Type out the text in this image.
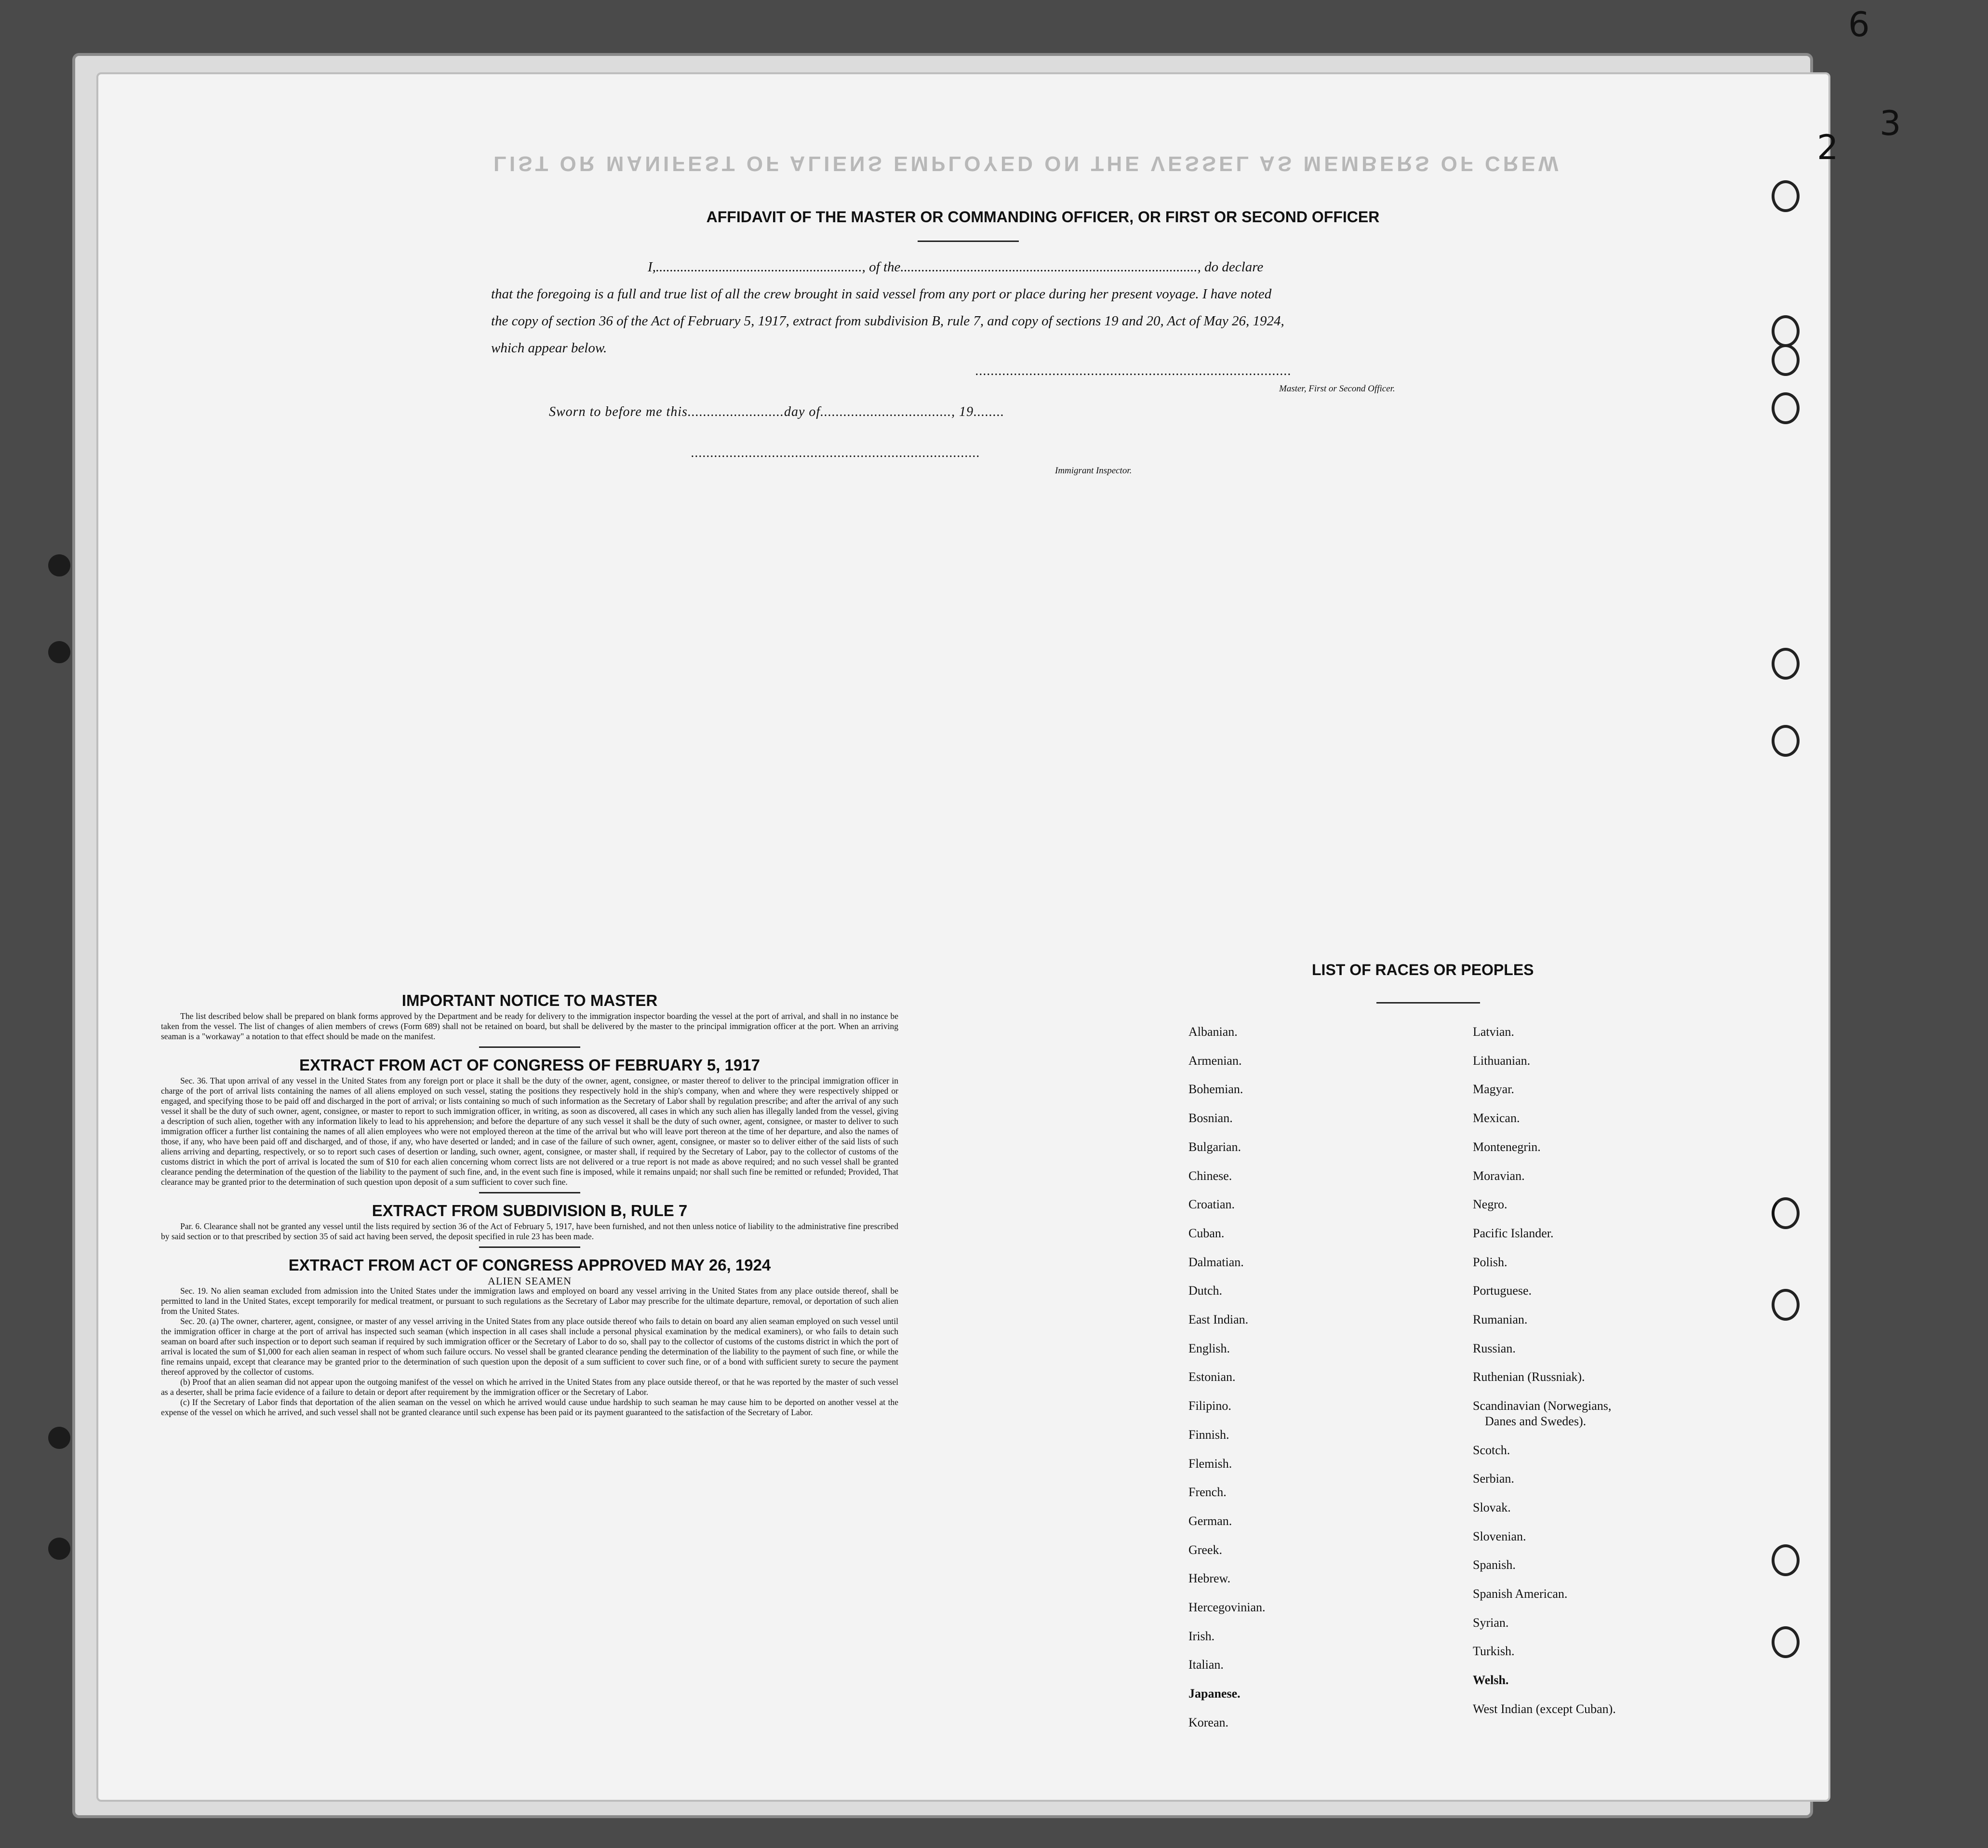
LIST OR MANIFEST OF ALIENS EMPLOYED ON THE VESSEL AS MEMBERS OF CREW
AFFIDAVIT OF THE MASTER OR COMMANDING OFFICER, OR FIRST OR SECOND OFFICER

I,..........................................................., of the....................................................................................., do declare

that the foregoing is a full and true list of all the crew brought in said vessel from any port or place during her present voyage. I have noted

the copy of section 36 of the Act of February 5, 1917, extract from subdivision B, rule 7, and copy of sections 19 and 20, Act of May 26, 1924,

which appear below.

..................................................................................
Master, First or Second Officer.
Sworn to before me this.........................day of.................................., 19........
...........................................................................
Immigrant Inspector.
IMPORTANT NOTICE TO MASTER

The list described below shall be prepared on blank forms approved by the Department and be ready for delivery to the immigration inspector boarding the vessel at the port of arrival, and shall in no instance be taken from the vessel. The list of changes of alien members of crews (Form 689) shall not be retained on board, but shall be delivered by the master to the principal immigration officer at the port. When an arriving seaman is a "workaway" a notation to that effect should be made on the manifest.

EXTRACT FROM ACT OF CONGRESS OF FEBRUARY 5, 1917

Sec. 36. That upon arrival of any vessel in the United States from any foreign port or place it shall be the duty of the owner, agent, consignee, or master thereof to deliver to the principal immigration officer in charge of the port of arrival lists containing the names of all aliens employed on such vessel, stating the positions they respectively hold in the ship's company, when and where they were respectively shipped or engaged, and specifying those to be paid off and discharged in the port of arrival; or lists containing so much of such information as the Secretary of Labor shall by regulation prescribe; and after the arrival of any such vessel it shall be the duty of such owner, agent, consignee, or master to report to such immigration officer, in writing, as soon as discovered, all cases in which any such alien has illegally landed from the vessel, giving a description of such alien, together with any information likely to lead to his apprehension; and before the departure of any such vessel it shall be the duty of such owner, agent, consignee, or master to deliver to such immigration officer a further list containing the names of all alien employees who were not employed thereon at the time of the arrival but who will leave port thereon at the time of her departure, and also the names of those, if any, who have been paid off and discharged, and of those, if any, who have deserted or landed; and in case of the failure of such owner, agent, consignee, or master so to deliver either of the said lists of such aliens arriving and departing, respectively, or so to report such cases of desertion or landing, such owner, agent, consignee, or master shall, if required by the Secretary of Labor, pay to the collector of customs of the customs district in which the port of arrival is located the sum of $10 for each alien concerning whom correct lists are not delivered or a true report is not made as above required; and no such vessel shall be granted clearance pending the determination of the question of the liability to the payment of such fine, and, in the event such fine is imposed, while it remains unpaid; nor shall such fine be remitted or refunded; Provided, That clearance may be granted prior to the determination of such question upon deposit of a sum sufficient to cover such fine.

EXTRACT FROM SUBDIVISION B, RULE 7

Par. 6. Clearance shall not be granted any vessel until the lists required by section 36 of the Act of February 5, 1917, have been furnished, and not then unless notice of liability to the administrative fine prescribed by said section or to that prescribed by section 35 of said act having been served, the deposit specified in rule 23 has been made.

EXTRACT FROM ACT OF CONGRESS APPROVED MAY 26, 1924
ALIEN SEAMEN

Sec. 19. No alien seaman excluded from admission into the United States under the immigration laws and employed on board any vessel arriving in the United States from any place outside thereof, shall be permitted to land in the United States, except temporarily for medical treatment, or pursuant to such regulations as the Secretary of Labor may prescribe for the ultimate departure, removal, or deportation of such alien from the United States.

Sec. 20. (a) The owner, charterer, agent, consignee, or master of any vessel arriving in the United States from any place outside thereof who fails to detain on board any alien seaman employed on such vessel until the immigration officer in charge at the port of arrival has inspected such seaman (which inspection in all cases shall include a personal physical examination by the medical examiners), or who fails to detain such seaman on board after such inspection or to deport such seaman if required by such immigration officer or the Secretary of Labor to do so, shall pay to the collector of customs of the customs district in which the port of arrival is located the sum of $1,000 for each alien seaman in respect of whom such failure occurs. No vessel shall be granted clearance pending the determination of the liability to the payment of such fine, or while the fine remains unpaid, except that clearance may be granted prior to the determination of such question upon the deposit of a sum sufficient to cover such fine, or of a bond with sufficient surety to secure the payment thereof approved by the collector of customs.

(b) Proof that an alien seaman did not appear upon the outgoing manifest of the vessel on which he arrived in the United States from any place outside thereof, or that he was reported by the master of such vessel as a deserter, shall be prima facie evidence of a failure to detain or deport after requirement by the immigration officer or the Secretary of Labor.

(c) If the Secretary of Labor finds that deportation of the alien seaman on the vessel on which he arrived would cause undue hardship to such seaman he may cause him to be deported on another vessel at the expense of the vessel on which he arrived, and such vessel shall not be granted clearance until such expense has been paid or its payment guaranteed to the satisfaction of the Secretary of Labor.

LIST OF RACES OR PEOPLES
Albanian.
Armenian.
Bohemian.
Bosnian.
Bulgarian.
Chinese.
Croatian.
Cuban.
Dalmatian.
Dutch.
East Indian.
English.
Estonian.
Filipino.
Finnish.
Flemish.
French.
German.
Greek.
Hebrew.
Hercegovinian.
Irish.
Italian.
Japanese.
Korean.
Latvian.
Lithuanian.
Magyar.
Mexican.
Montenegrin.
Moravian.
Negro.
Pacific Islander.
Polish.
Portuguese.
Rumanian.
Russian.
Ruthenian (Russniak).
Scandinavian (Norwegians,
Danes and Swedes).
Scotch.
Serbian.
Slovak.
Slovenian.
Spanish.
Spanish American.
Syrian.
Turkish.
Welsh.
West Indian (except Cuban).
6
3
2
